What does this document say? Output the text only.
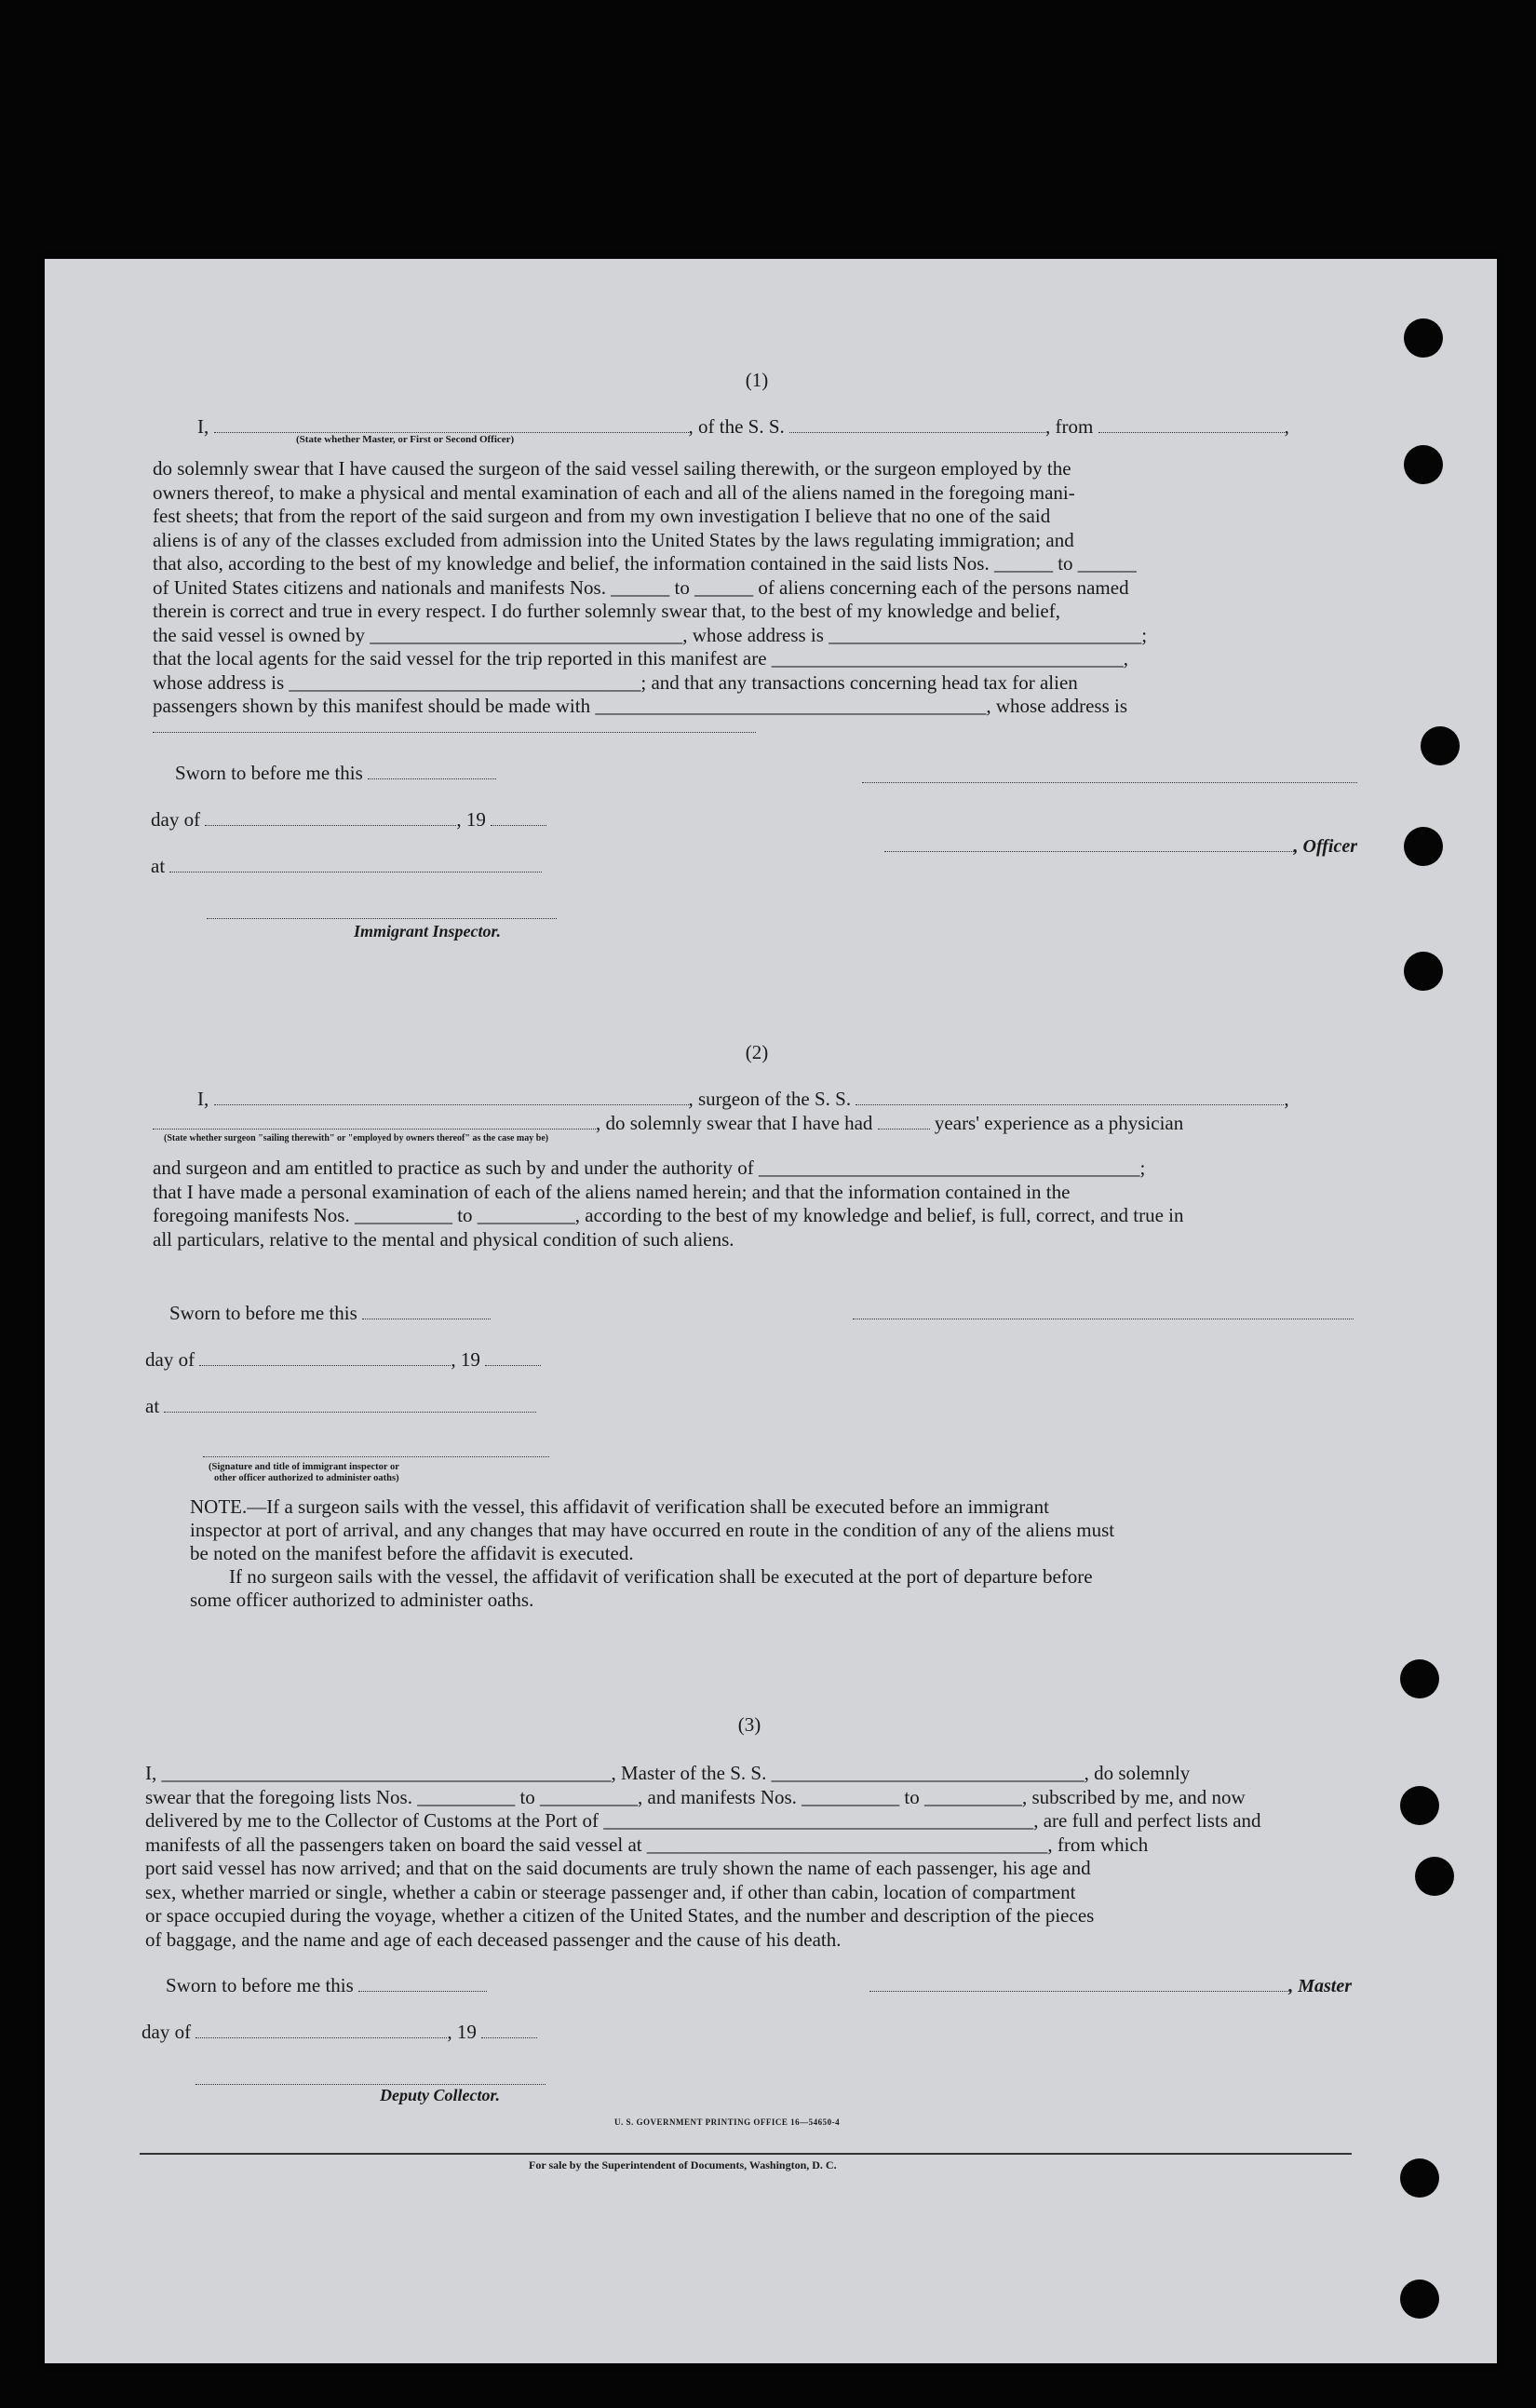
(1)
I,	, of the S. S.	, from	,
(State whether Master, or First or Second Officer)
do solemnly swear that I have caused the surgeon of the said vessel sailing therewith, or the surgeon employed by the
owners thereof, to make a physical and mental examination of each and all of the aliens named in the foregoing mani-
fest sheets; that from the report of the said surgeon and from my own investigation I believe that no one of the said
aliens is of any of the classes excluded from admission into the United States by the laws regulating immigration; and
that also, according to the best of my knowledge and belief, the information contained in the said lists Nos. ______ to ______
of United States citizens and nationals and manifests Nos. ______ to ______ of aliens concerning each of the persons named
therein is correct and true in every respect. I do further solemnly swear that, to the best of my knowledge and belief,
the said vessel is owned by ________________________________, whose address is ________________________________;
that the local agents for the said vessel for the trip reported in this manifest are ____________________________________,
whose address is ____________________________________; and that any transactions concerning head tax for alien
passengers shown by this manifest should be made with ________________________________________, whose address is
Sworn to before me this
day of	, 19
, Officer
at
Immigrant Inspector.
(2)
I,	, surgeon of the S. S.	,
, do solemnly swear that I have had	years' experience as a physician
(State whether surgeon "sailing therewith" or "employed by owners thereof" as the case may be)
and surgeon and am entitled to practice as such by and under the authority of _______________________________________;
that I have made a personal examination of each of the aliens named herein; and that the information contained in the
foregoing manifests Nos. __________ to __________, according to the best of my knowledge and belief, is full, correct, and true in
all particulars, relative to the mental and physical condition of such aliens.
Sworn to before me this
day of	, 19
at
(Signature and title of immigrant inspector or
other officer authorized to administer oaths)
NOTE.—If a surgeon sails with the vessel, this affidavit of verification shall be executed before an immigrant
inspector at port of arrival, and any changes that may have occurred en route in the condition of any of the aliens must
be noted on the manifest before the affidavit is executed.
If no surgeon sails with the vessel, the affidavit of verification shall be executed at the port of departure before
some officer authorized to administer oaths.
(3)
I, ______________________________________________, Master of the S. S. ________________________________, do solemnly
swear that the foregoing lists Nos. __________ to __________, and manifests Nos. __________ to __________, subscribed by me, and now
delivered by me to the Collector of Customs at the Port of ____________________________________________, are full and perfect lists and
manifests of all the passengers taken on board the said vessel at _________________________________________, from which
port said vessel has now arrived; and that on the said documents are truly shown the name of each passenger, his age and
sex, whether married or single, whether a cabin or steerage passenger and, if other than cabin, location of compartment
or space occupied during the voyage, whether a citizen of the United States, and the number and description of the pieces
of baggage, and the name and age of each deceased passenger and the cause of his death.
Sworn to before me this	, Master
day of	, 19
Deputy Collector.
U. S. GOVERNMENT PRINTING OFFICE 16—54650-4
For sale by the Superintendent of Documents, Washington, D. C.
